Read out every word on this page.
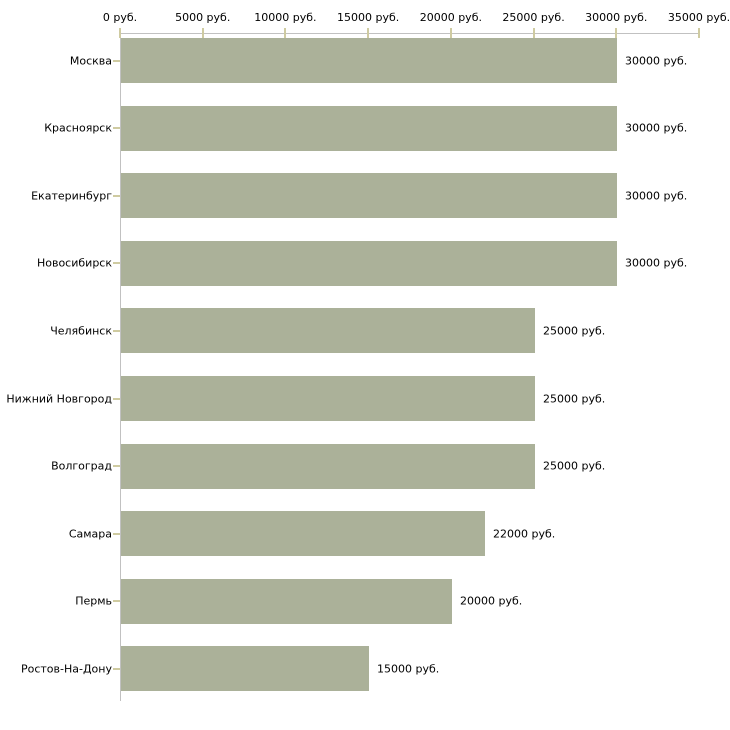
0 руб.	5000 руб. 10000 руб. 15000 руб. 20000 руб. 25000 руб. 30000 руб. 35000 руб.
Москва	30000 руб.
Красноярск	30000 руб.
Екатеринбург	30000 руб.
Новосибирск	30000 руб.
Челябинск	25000 руб.
Нижний Новгород	25000 руб.
Волгоград	25000 руб.
Самара	22000 руб.
Пермь	20000 руб.
Ростов-На-Дону	15000 руб.
